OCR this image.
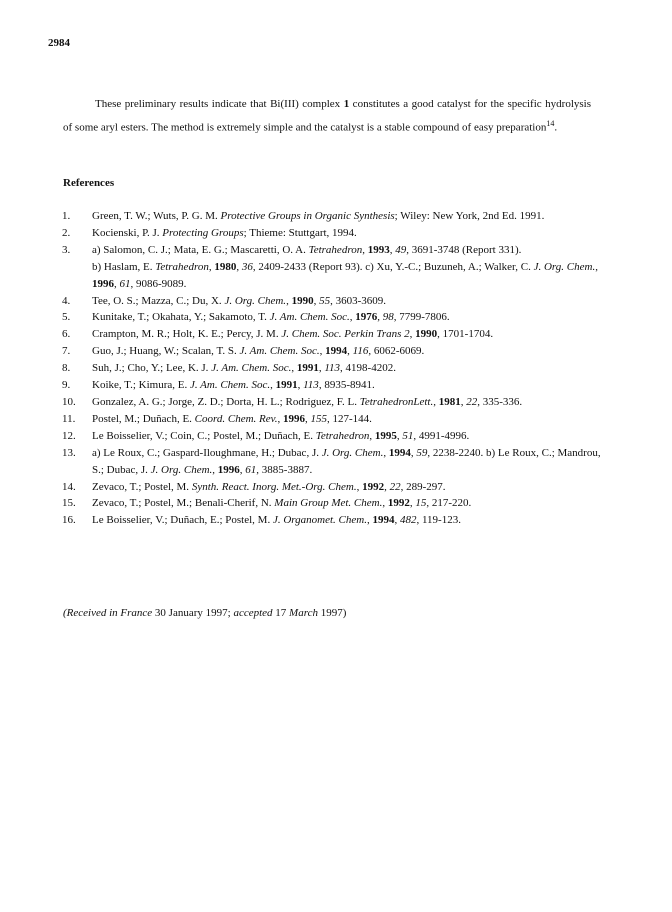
2984

These preliminary results indicate that Bi(III) complex 1 constitutes a good catalyst for the specific hydrolysis of some aryl esters. The method is extremely simple and the catalyst is a stable compound of easy preparation$^{14}$.

References
1.	Green, T. W.; Wuts, P. G. M. Protective Groups in Organic Synthesis; Wiley: New York, 2nd Ed. 1991.
2.	Kocienski, P. J. Protecting Groups; Thieme: Stuttgart, 1994.
3.	a) Salomon, C. J.; Mata, E. G.; Mascaretti, O. A. Tetrahedron, 1993, 49, 3691-3748 (Report 331).
b) Haslam, E. Tetrahedron, 1980, 36, 2409-2433 (Report 93). c) Xu, Y.-C.; Buzuneh, A.; Walker, C. J. Org. Chem., 1996, 61, 9086-9089.
4.	Tee, O. S.; Mazza, C.; Du, X. J. Org. Chem., 1990, 55, 3603-3609.
5.	Kunitake, T.; Okahata, Y.; Sakamoto, T. J. Am. Chem. Soc., 1976, 98, 7799-7806.
6.	Crampton, M. R.; Holt, K. E.; Percy, J. M. J. Chem. Soc. Perkin Trans 2, 1990, 1701-1704.
7.	Guo, J.; Huang, W.; Scalan, T. S. J. Am. Chem. Soc., 1994, 116, 6062-6069.
8.	Suh, J.; Cho, Y.; Lee, K. J. J. Am. Chem. Soc., 1991, 113, 4198-4202.
9.	Koike, T.; Kimura, E. J. Am. Chem. Soc., 1991, 113, 8935-8941.
10.	Gonzalez, A. G.; Jorge, Z. D.; Dorta, H. L.; Rodriguez, F. L. TetrahedronLett., 1981, 22, 335-336.
11.	Postel, M.; Duñach, E. Coord. Chem. Rev., 1996, 155, 127-144.
12.	Le Boisselier, V.; Coin, C.; Postel, M.; Duñach, E. Tetrahedron, 1995, 51, 4991-4996.
13.	a) Le Roux, C.; Gaspard-Iloughmane, H.; Dubac, J. J. Org. Chem., 1994, 59, 2238-2240. b) Le Roux, C.; Mandrou, S.; Dubac, J. J. Org. Chem., 1996, 61, 3885-3887.
14.	Zevaco, T.; Postel, M. Synth. React. Inorg. Met.-Org. Chem., 1992, 22, 289-297.
15.	Zevaco, T.; Postel, M.; Benali-Cherif, N. Main Group Met. Chem., 1992, 15, 217-220.
16.	Le Boisselier, V.; Duñach, E.; Postel, M. J. Organomet. Chem., 1994, 482, 119-123.
(Received in France 30 January 1997; accepted 17 March 1997)
